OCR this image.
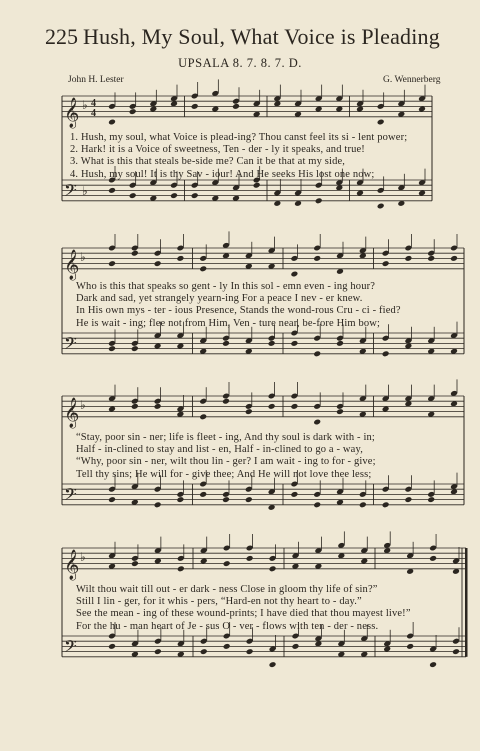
225 Hush, My Soul, What Voice is Pleading
UPSALA 8. 7. 8. 7. D.
John H. Lester	G. Wennerberg
𝄞
𝄢
♭
♭
4
4
𝄞
𝄢
♭
𝄞
𝄢
♭
𝄞
𝄢
♭
1. Hush, my soul, what Voice is plead-ing? Thou canst feel its si - lent power;
2. Hark! it is a Voice of sweetness, Ten - der - ly it speaks, and true!
3. What is this that steals be-side me? Can it be that at my side,
4. Hush, my soul! It is thy Sav - iour! And He seeks His lost one now;
Who is this that speaks so gent - ly In this sol - emn even - ing hour?
Dark and sad, yet strangely yearn-ing For a peace I nev - er knew.
In His own mys - ter - ious Presence, Stands the wond-rous Cru - ci - fied?
He is wait - ing; flee not from Him, Ven - ture near, be-fore Him bow;
“Stay, poor sin - ner; life is fleet - ing, And thy soul is dark with - in;
Half - in-clined to stay and list - en, Half - in-clined to go a - way,
“Why, poor sin - ner, wilt thou lin - ger? I am wait - ing to for - give;
Tell thy sins; He will for - give thee; And He will not love thee less;
Wilt thou wait till out - er dark - ness Close in gloom thy life of sin?”
Still I lin - ger, for it whis - pers, “Hard-en not thy heart to - day.”
See the mean - ing of these wound-prints; I have died that thou mayest live!”
For the hu - man heart of Je - sus O - ver - flows with ten - der - ness.
